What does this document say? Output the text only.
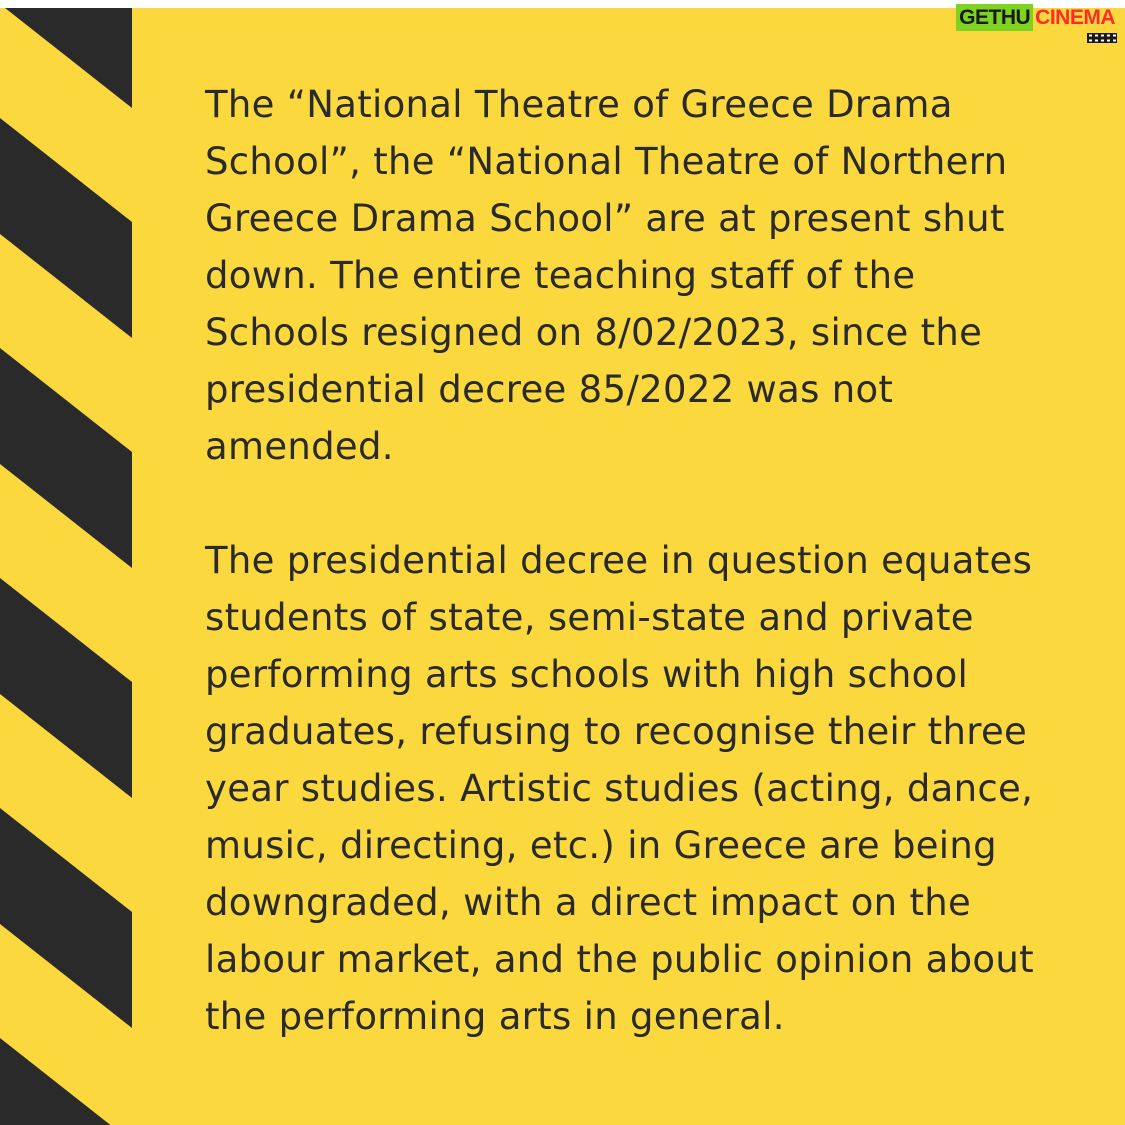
GETHU CINEMA

The “National Theatre of Greece Drama
School”, the “National Theatre of Northern
Greece Drama School” are at present shut
down. The entire teaching staff of the
Schools resigned on 8/02/2023, since the
presidential decree 85/2022 was not
amended.

The presidential decree in question equates
students of state, semi-state and private
performing arts schools with high school
graduates, refusing to recognise their three
year studies. Artistic studies (acting, dance,
music, directing, etc.) in Greece are being
downgraded, with a direct impact on the
labour market, and the public opinion about
the performing arts in general.
